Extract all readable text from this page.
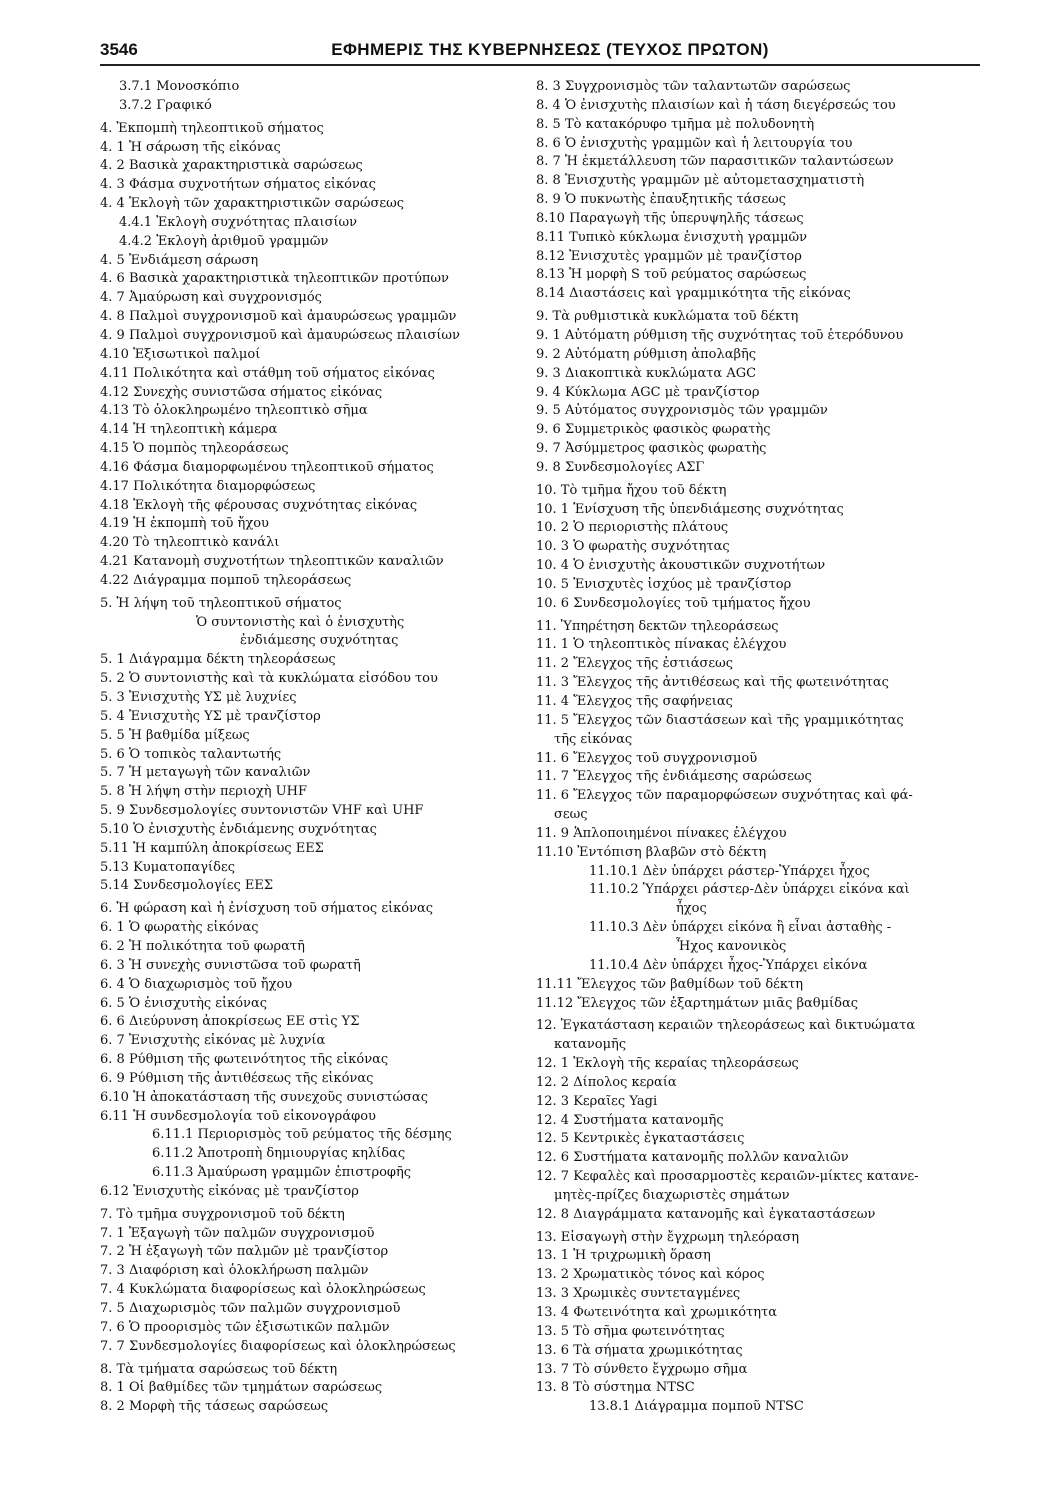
3546	ΕΦΗΜΕΡΙΣ ΤΗΣ ΚΥΒΕΡΝΗΣΕΩΣ (ΤΕΥΧΟΣ ΠΡΩΤΟΝ)
3.7.1 Μονοσκόπιο
3.7.2 Γραφικό
4. Ἐκπομπὴ τηλεοπτικοῦ σήματος
4. 1 Ἡ σάρωση τῆς εἰκόνας
4. 2 Βασικὰ χαρακτηριστικὰ σαρώσεως
4. 3 Φάσμα συχνοτήτων σήματος εἰκόνας
4. 4 Ἐκλογὴ τῶν χαρακτηριστικῶν σαρώσεως
4.4.1 Ἐκλογὴ συχνότητας πλαισίων
4.4.2 Ἐκλογὴ ἀριθμοῦ γραμμῶν
4. 5 Ἐνδιάμεση σάρωση
4. 6 Βασικὰ χαρακτηριστικὰ τηλεοπτικῶν προτύπων
4. 7 Ἀμαύρωση καὶ συγχρονισμός
4. 8 Παλμοὶ συγχρονισμοῦ καὶ ἀμαυρώσεως γραμμῶν
4. 9 Παλμοὶ συγχρονισμοῦ καὶ ἀμαυρώσεως πλαισίων
4.10 Ἐξισωτικοὶ παλμοί
4.11 Πολικότητα καὶ στάθμη τοῦ σήματος εἰκόνας
4.12 Συνεχὴς συνιστῶσα σήματος εἰκόνας
4.13 Τὸ ὁλοκληρωμένο τηλεοπτικὸ σῆμα
4.14 Ἡ τηλεοπτικὴ κάμερα
4.15 Ὁ πομπὸς τηλεοράσεως
4.16 Φάσμα διαμορφωμένου τηλεοπτικοῦ σήματος
4.17 Πολικότητα διαμορφώσεως
4.18 Ἐκλογὴ τῆς φέρουσας συχνότητας εἰκόνας
4.19 Ἡ ἐκπομπὴ τοῦ ἤχου
4.20 Τὸ τηλεοπτικὸ κανάλι
4.21 Κατανομὴ συχνοτήτων τηλεοπτικῶν καναλιῶν
4.22 Διάγραμμα πομποῦ τηλεοράσεως
5. Ἡ λήψη τοῦ τηλεοπτικοῦ σήματος
Ὁ συντονιστὴς καὶ ὁ ἐνισχυτὴς
ἐνδιάμεσης συχνότητας
5. 1 Διάγραμμα δέκτη τηλεοράσεως
5. 2 Ὁ συντονιστὴς καὶ τὰ κυκλώματα εἰσόδου του
5. 3 Ἐνισχυτὴς ΥΣ μὲ λυχνίες
5. 4 Ἐνισχυτὴς ΥΣ μὲ τρανζίστορ
5. 5 Ἡ βαθμίδα μίξεως
5. 6 Ὁ τοπικὸς ταλαντωτής
5. 7 Ἡ μεταγωγὴ τῶν καναλιῶν
5. 8 Ἡ λήψη στὴν περιοχὴ UHF
5. 9 Συνδεσμολογίες συντονιστῶν VHF καὶ UHF
5.10 Ὁ ἐνισχυτὴς ἐνδιάμενης συχνότητας
5.11 Ἡ καμπύλη ἀποκρίσεως ΕΕΣ
5.13 Κυματοπαγίδες
5.14 Συνδεσμολογίες ΕΕΣ
6. Ἡ φώραση καὶ ἡ ἐνίσχυση τοῦ σήματος εἰκόνας
6. 1 Ὁ φωρατὴς εἰκόνας
6. 2 Ἡ πολικότητα τοῦ φωρατῆ
6. 3 Ἡ συνεχὴς συνιστῶσα τοῦ φωρατῆ
6. 4 Ὁ διαχωρισμὸς τοῦ ἤχου
6. 5 Ὁ ἐνισχυτὴς εἰκόνας
6. 6 Διεύρυνση ἀποκρίσεως ΕΕ στὶς ΥΣ
6. 7 Ἐνισχυτὴς εἰκόνας μὲ λυχνία
6. 8 Ρύθμιση τῆς φωτεινότητος τῆς εἰκόνας
6. 9 Ρύθμιση τῆς ἀντιθέσεως τῆς εἰκόνας
6.10 Ἡ ἀποκατάσταση τῆς συνεχοῦς συνιστώσας
6.11 Ἡ συνδεσμολογία τοῦ εἰκονογράφου
6.11.1 Περιορισμὸς τοῦ ρεύματος τῆς δέσμης
6.11.2 Ἀποτροπὴ δημιουργίας κηλίδας
6.11.3 Ἀμαύρωση γραμμῶν ἐπιστροφῆς
6.12 Ἐνισχυτὴς εἰκόνας μὲ τρανζίστορ
7. Τὸ τμῆμα συγχρονισμοῦ τοῦ δέκτη
7. 1 Ἐξαγωγὴ τῶν παλμῶν συγχρονισμοῦ
7. 2 Ἡ ἐξαγωγὴ τῶν παλμῶν μὲ τρανζίστορ
7. 3 Διαφόριση καὶ ὁλοκλήρωση παλμῶν
7. 4 Κυκλώματα διαφορίσεως καὶ ὁλοκληρώσεως
7. 5 Διαχωρισμὸς τῶν παλμῶν συγχρονισμοῦ
7. 6 Ὁ προορισμὸς τῶν ἐξισωτικῶν παλμῶν
7. 7 Συνδεσμολογίες διαφορίσεως καὶ ὁλοκληρώσεως
8. Τὰ τμήματα σαρώσεως τοῦ δέκτη
8. 1 Οἱ βαθμίδες τῶν τμημάτων σαρώσεως
8. 2 Μορφὴ τῆς τάσεως σαρώσεως
8. 3 Συγχρονισμὸς τῶν ταλαντωτῶν σαρώσεως
8. 4 Ὁ ἐνισχυτὴς πλαισίων καὶ ἡ τάση διεγέρσεώς του
8. 5 Τὸ κατακόρυφο τμῆμα μὲ πολυδονητὴ
8. 6 Ὁ ἐνισχυτὴς γραμμῶν καὶ ἡ λειτουργία του
8. 7 Ἡ ἐκμετάλλευση τῶν παρασιτικῶν ταλαντώσεων
8. 8 Ἐνισχυτὴς γραμμῶν μὲ αὐτομετασχηματιστὴ
8. 9 Ὁ πυκνωτὴς ἐπαυξητικῆς τάσεως
8.10 Παραγωγὴ τῆς ὑπερυψηλῆς τάσεως
8.11 Τυπικὸ κύκλωμα ἐνισχυτὴ γραμμῶν
8.12 Ἐνισχυτὲς γραμμῶν μὲ τρανζίστορ
8.13 Ἡ μορφὴ S τοῦ ρεύματος σαρώσεως
8.14 Διαστάσεις καὶ γραμμικότητα τῆς εἰκόνας
9. Τὰ ρυθμιστικὰ κυκλώματα τοῦ δέκτη
9. 1 Αὐτόματη ρύθμιση τῆς συχνότητας τοῦ ἑτερόδυνου
9. 2 Αὐτόματη ρύθμιση ἀπολαβῆς
9. 3 Διακοπτικὰ κυκλώματα AGC
9. 4 Κύκλωμα AGC μὲ τρανζίστορ
9. 5 Αὐτόματος συγχρονισμὸς τῶν γραμμῶν
9. 6 Συμμετρικὸς φασικὸς φωρατὴς
9. 7 Ἀσύμμετρος φασικὸς φωρατὴς
9. 8 Συνδεσμολογίες ΑΣΓ
10. Τὸ τμῆμα ἤχου τοῦ δέκτη
10. 1 Ἐνίσχυση τῆς ὑπενδιάμεσης συχνότητας
10. 2 Ὁ περιοριστὴς πλάτους
10. 3 Ὁ φωρατὴς συχνότητας
10. 4 Ὁ ἐνισχυτὴς ἀκουστικῶν συχνοτήτων
10. 5 Ἐνισχυτὲς ἰσχύος μὲ τρανζίστορ
10. 6 Συνδεσμολογίες τοῦ τμήματος ἤχου
11. Ὑπηρέτηση δεκτῶν τηλεοράσεως
11. 1 Ὁ τηλεοπτικὸς πίνακας ἐλέγχου
11. 2 Ἔλεγχος τῆς ἐστιάσεως
11. 3 Ἔλεγχος τῆς ἀντιθέσεως καὶ τῆς φωτεινότητας
11. 4 Ἔλεγχος τῆς σαφήνειας
11. 5 Ἔλεγχος τῶν διαστάσεων καὶ τῆς γραμμικότητας
τῆς εἰκόνας
11. 6 Ἔλεγχος τοῦ συγχρονισμοῦ
11. 7 Ἔλεγχος τῆς ἐνδιάμεσης σαρώσεως
11. 6 Ἔλεγχος τῶν παραμορφώσεων συχνότητας καὶ φά-
σεως
11. 9 Ἁπλοποιημένοι πίνακες ἐλέγχου
11.10 Ἐντόπιση βλαβῶν στὸ δέκτη
11.10.1 Δὲν ὑπάρχει ράστερ-Ὑπάρχει ἦχος
11.10.2 Ὑπάρχει ράστερ-Δὲν ὑπάρχει εἰκόνα καὶ
ἦχος
11.10.3 Δὲν ὑπάρχει εἰκόνα ἢ εἶναι ἀσταθὴς -
Ἦχος κανονικὸς
11.10.4 Δὲν ὑπάρχει ἦχος-Ὑπάρχει εἰκόνα
11.11 Ἔλεγχος τῶν βαθμίδων τοῦ δέκτη
11.12 Ἔλεγχος τῶν ἐξαρτημάτων μιᾶς βαθμίδας
12. Ἐγκατάσταση κεραιῶν τηλεοράσεως καὶ δικτυώματα
κατανομῆς
12. 1 Ἐκλογὴ τῆς κεραίας τηλεοράσεως
12. 2 Δίπολος κεραία
12. 3 Κεραῖες Yagi
12. 4 Συστήματα κατανομῆς
12. 5 Κεντρικὲς ἐγκαταστάσεις
12. 6 Συστήματα κατανομῆς πολλῶν καναλιῶν
12. 7 Κεφαλὲς καὶ προσαρμοστὲς κεραιῶν-μίκτες κατανε-
μητὲς-πρίζες διαχωριστὲς σημάτων
12. 8 Διαγράμματα κατανομῆς καὶ ἐγκαταστάσεων
13. Εἰσαγωγὴ στὴν ἔγχρωμη τηλεόραση
13. 1 Ἡ τριχρωμικὴ ὅραση
13. 2 Χρωματικὸς τόνος καὶ κόρος
13. 3 Χρωμικὲς συντεταγμένες
13. 4 Φωτεινότητα καὶ χρωμικότητα
13. 5 Τὸ σῆμα φωτεινότητας
13. 6 Τὰ σήματα χρωμικότητας
13. 7 Τὸ σύνθετο ἔγχρωμο σῆμα
13. 8 Τὸ σύστημα NTSC
13.8.1 Διάγραμμα πομποῦ NTSC
